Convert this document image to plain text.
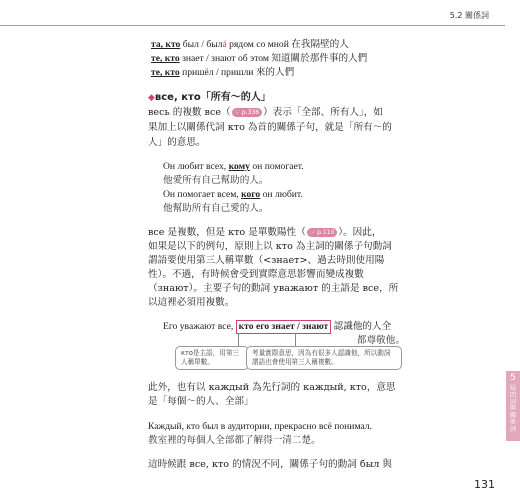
5.2 關係詞
та, кто был / былá рядом со мной 在我隔壁的人
те, кто знает / знают об этом 知道關於那件事的人們
те, кто пришёл / пришли 來的人們
◆все, кто「所有～的人」
весь 的複數 все（ ☞ p.336 ）表示「全部、所有人」，如
果加上以關係代詞 кто 為首的關係子句，就是「所有～的
人」的意思。
Он любит всех, кому он помогает.
他愛所有自己幫助的人。
Он помогает всем, кого он любит.
他幫助所有自己愛的人。
все 是複數，但是 кто 是單數陽性（ ☞ p.110 ）。因此，
如果是以下的例句，原則上以 кто 為主詞的關係子句動詞
謂語要使用第三人稱單數（<знает>、過去時則使用陽
性）。不過，有時候會受到實際意思影響而變成複數
（знают）。主要子句的動詞 уважают 的主語是 все，所
以這裡必須用複數。
Его уважают все, кто его знает / знают 認識他的人全
都尊敬他。
кто是主語，用第三人稱單數。
考量實際意思，因為有很多人認識他，所以動詞謂語也會使用第三人稱複數。
此外，也有以 каждый 為先行詞的 каждый, кто，意思
是「每個～的人、全部」
Каждый, кто был в аудитории, прекрасно всё понимал.
教室裡的每個人全部都了解得一清二楚。
這時候跟 все, кто 的情況不同，關係子句的動詞 был 與
5
疑問詞與關係詞
131
